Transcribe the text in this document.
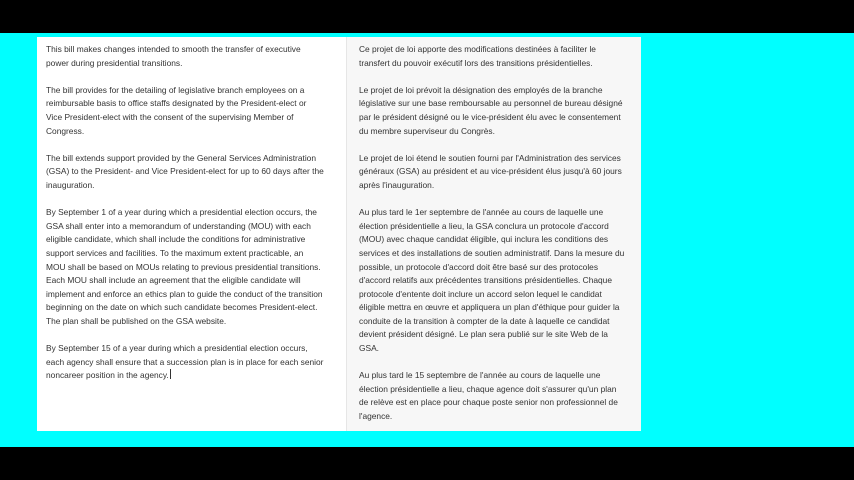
This bill makes changes intended to smooth the transfer of executive power during presidential transitions.

The bill provides for the detailing of legislative branch employees on a reimbursable basis to office staffs designated by the President-elect or Vice President-elect with the consent of the supervising Member of Congress.

The bill extends support provided by the General Services Administration (GSA) to the President- and Vice President-elect for up to 60 days after the inauguration.

By September 1 of a year during which a presidential election occurs, the GSA shall enter into a memorandum of understanding (MOU) with each eligible candidate, which shall include the conditions for administrative support services and facilities. To the maximum extent practicable, an MOU shall be based on MOUs relating to previous presidential transitions. Each MOU shall include an agreement that the eligible candidate will implement and enforce an ethics plan to guide the conduct of the transition beginning on the date on which such candidate becomes President-elect. The plan shall be published on the GSA website.

By September 15 of a year during which a presidential election occurs, each agency shall ensure that a succession plan is in place for each senior noncareer position in the agency.

Ce projet de loi apporte des modifications destinées à faciliter le transfert du pouvoir exécutif lors des transitions présidentielles.

Le projet de loi prévoit la désignation des employés de la branche législative sur une base remboursable au personnel de bureau désigné par le président désigné ou le vice-président élu avec le consentement du membre superviseur du Congrès.

Le projet de loi étend le soutien fourni par l'Administration des services généraux (GSA) au président et au vice-président élus jusqu'à 60 jours après l'inauguration.

Au plus tard le 1er septembre de l'année au cours de laquelle une élection présidentielle a lieu, la GSA conclura un protocole d'accord (MOU) avec chaque candidat éligible, qui inclura les conditions des services et des installations de soutien administratif. Dans la mesure du possible, un protocole d'accord doit être basé sur des protocoles d'accord relatifs aux précédentes transitions présidentielles. Chaque protocole d'entente doit inclure un accord selon lequel le candidat éligible mettra en œuvre et appliquera un plan d'éthique pour guider la conduite de la transition à compter de la date à laquelle ce candidat devient président désigné. Le plan sera publié sur le site Web de la GSA.

Au plus tard le 15 septembre de l'année au cours de laquelle une élection présidentielle a lieu, chaque agence doit s'assurer qu'un plan de relève est en place pour chaque poste senior non professionnel de l'agence.
